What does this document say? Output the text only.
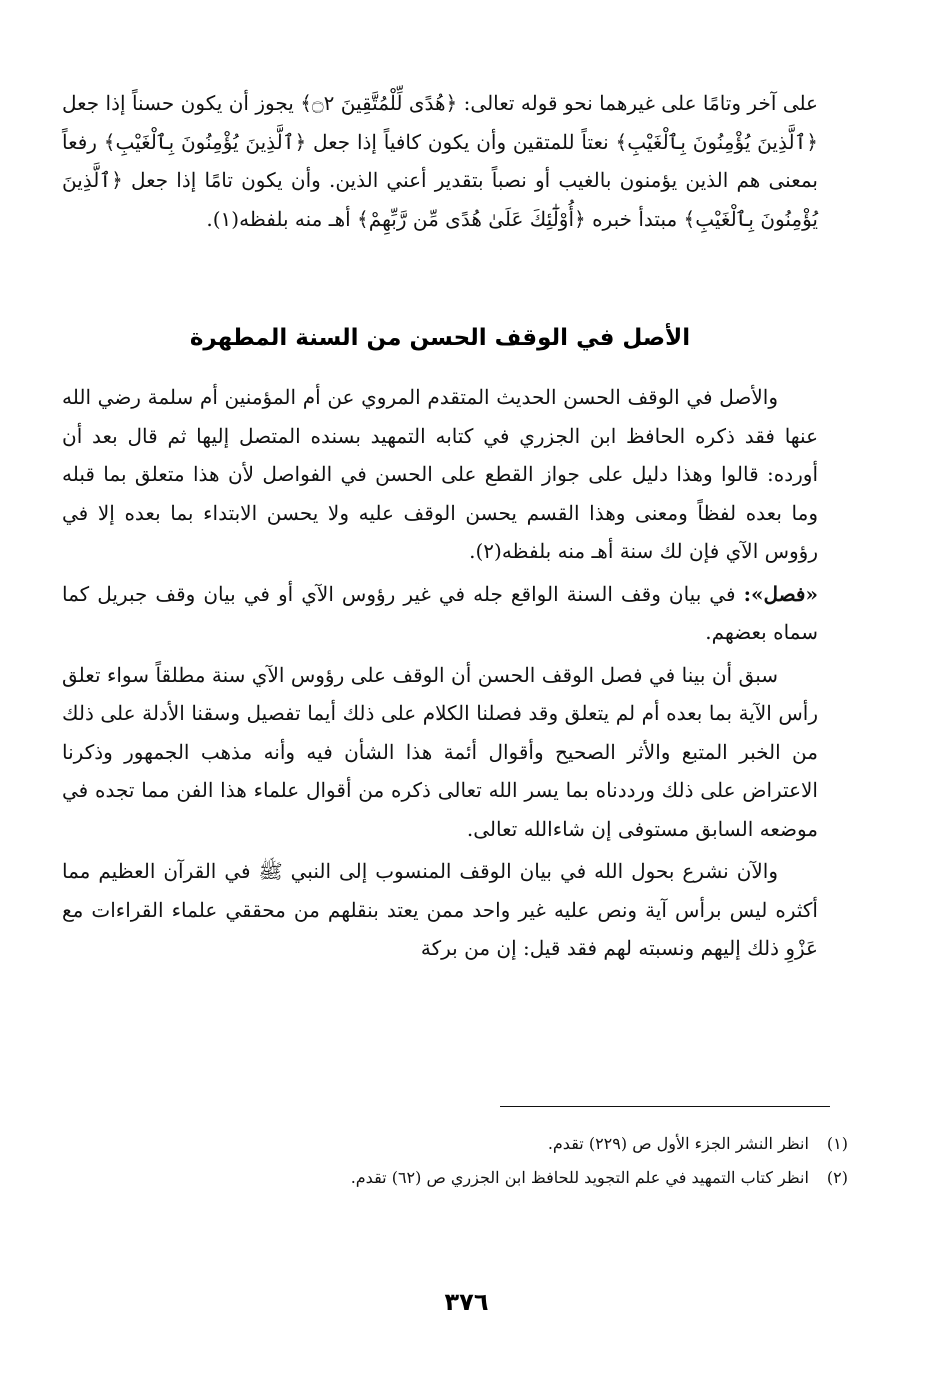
على آخر وتامًا على غيرهما نحو قوله تعالى: ﴿هُدًى لِّلْمُتَّقِينَ ۝٢﴾ يجوز أن يكون حسناً إذا جعل ﴿ٱلَّذِينَ يُؤْمِنُونَ بِٱلْغَيْبِ﴾ نعتاً للمتقين وأن يكون كافياً إذا جعل ﴿ٱلَّذِينَ يُؤْمِنُونَ بِٱلْغَيْبِ﴾ رفعاً بمعنى هم الذين يؤمنون بالغيب أو نصباً بتقدير أعني الذين. وأن يكون تامًا إذا جعل ﴿ٱلَّذِينَ يُؤْمِنُونَ بِٱلْغَيْبِ﴾ مبتدأ خبره ﴿أُوْلَٰٓئِكَ عَلَىٰ هُدًى مِّن رَّبِّهِمْ﴾ أهـ منه بلفظه(١).

الأصل في الوقف الحسن من السنة المطهرة

والأصل في الوقف الحسن الحديث المتقدم المروي عن أم المؤمنين أم سلمة رضي الله عنها فقد ذكره الحافظ ابن الجزري في كتابه التمهيد بسنده المتصل إليها ثم قال بعد أن أورده: قالوا وهذا دليل على جواز القطع على الحسن في الفواصل لأن هذا متعلق بما قبله وما بعده لفظاً ومعنى وهذا القسم يحسن الوقف عليه ولا يحسن الابتداء بما بعده إلا في رؤوس الآي فإن لك سنة أهـ منه بلفظه(٢).

«فصل»: في بيان وقف السنة الواقع جله في غير رؤوس الآي أو في بيان وقف جبريل كما سماه بعضهم.

سبق أن بينا في فصل الوقف الحسن أن الوقف على رؤوس الآي سنة مطلقاً سواء تعلق رأس الآية بما بعده أم لم يتعلق وقد فصلنا الكلام على ذلك أيما تفصيل وسقنا الأدلة على ذلك من الخبر المتبع والأثر الصحيح وأقوال أئمة هذا الشأن فيه وأنه مذهب الجمهور وذكرنا الاعتراض على ذلك ورددناه بما يسر الله تعالى ذكره من أقوال علماء هذا الفن مما تجده في موضعه السابق مستوفى إن شاءالله تعالى.

والآن نشرع بحول الله في بيان الوقف المنسوب إلى النبي ﷺ في القرآن العظيم مما أكثره ليس برأس آية ونص عليه غير واحد ممن يعتد بنقلهم من محققي علماء القراءات مع عَزْوِ ذلك إليهم ونسبته لهم فقد قيل: إن من بركة

(١)
انظر النشر الجزء الأول ص (٢٢٩) تقدم.
(٢)
انظر كتاب التمهيد في علم التجويد للحافظ ابن الجزري ص (٦٢) تقدم.
٣٧٦
